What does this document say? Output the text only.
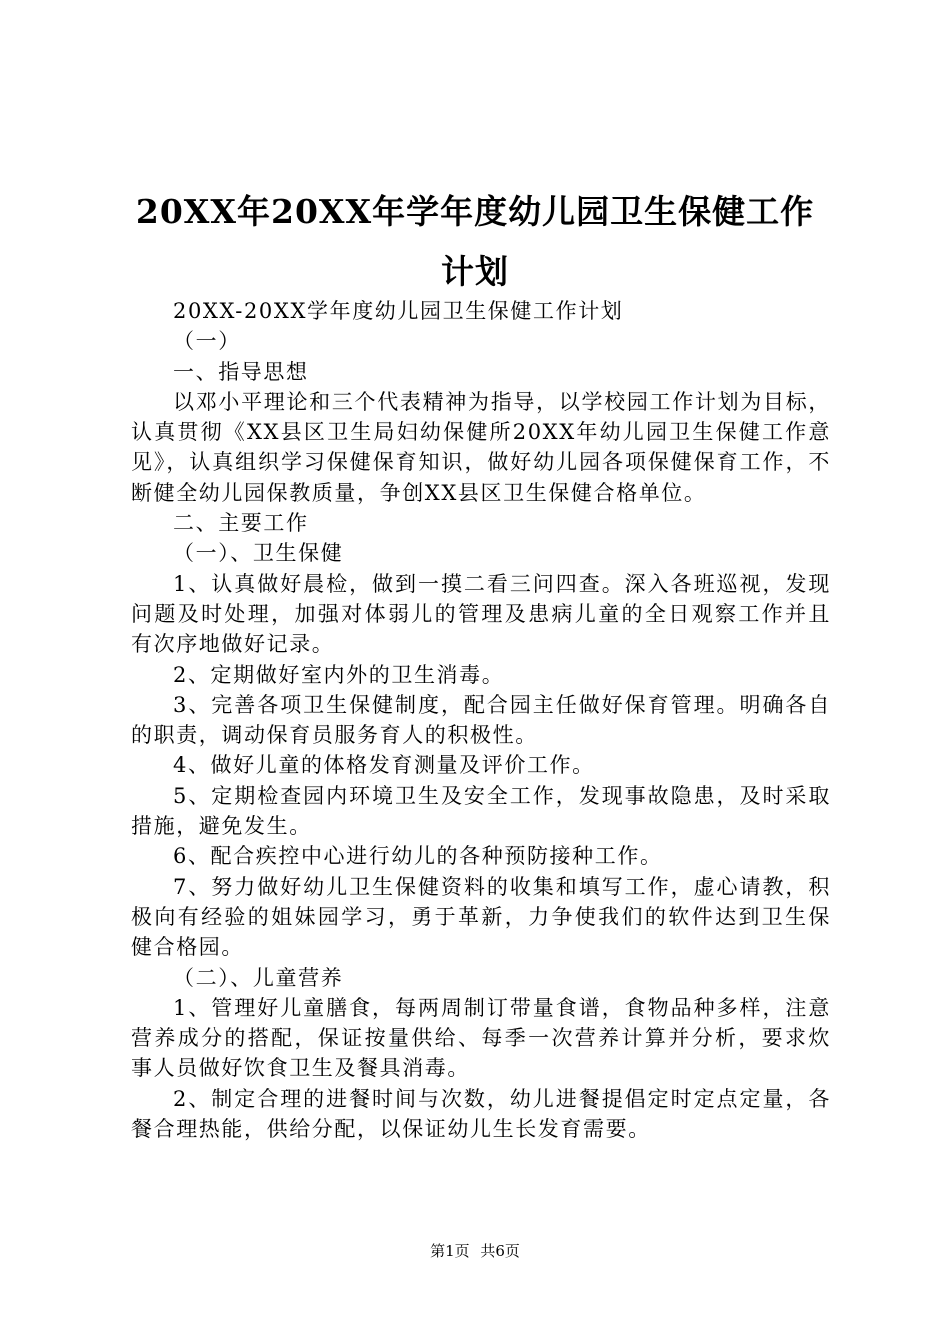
20XX年20XX年学年度幼儿园卫生保健工作计划

20XX-20XX学年度幼儿园卫生保健工作计划

（一）

一、指导思想

以邓小平理论和三个代表精神为指导，以学校园工作计划为目标，认真贯彻《XX县区卫生局妇幼保健所20XX年幼儿园卫生保健工作意见》，认真组织学习保健保育知识，做好幼儿园各项保健保育工作，不断健全幼儿园保教质量，争创XX县区卫生保健合格单位。

二、主要工作

（一）、卫生保健

1、认真做好晨检，做到一摸二看三问四查。深入各班巡视，发现问题及时处理，加强对体弱儿的管理及患病儿童的全日观察工作并且有次序地做好记录。

2、定期做好室内外的卫生消毒。

3、完善各项卫生保健制度，配合园主任做好保育管理。明确各自的职责，调动保育员服务育人的积极性。

4、做好儿童的体格发育测量及评价工作。

5、定期检查园内环境卫生及安全工作，发现事故隐患，及时采取措施，避免发生。

6、配合疾控中心进行幼儿的各种预防接种工作。

7、努力做好幼儿卫生保健资料的收集和填写工作，虚心请教，积极向有经验的姐妹园学习，勇于革新，力争使我们的软件达到卫生保健合格园。

（二）、儿童营养

1、管理好儿童膳食，每两周制订带量食谱，食物品种多样，注意营养成分的搭配，保证按量供给、每季一次营养计算并分析，要求炊事人员做好饮食卫生及餐具消毒。

2、制定合理的进餐时间与次数，幼儿进餐提倡定时定点定量，各餐合理热能，供给分配，以保证幼儿生长发育需要。

第1页 共6页
